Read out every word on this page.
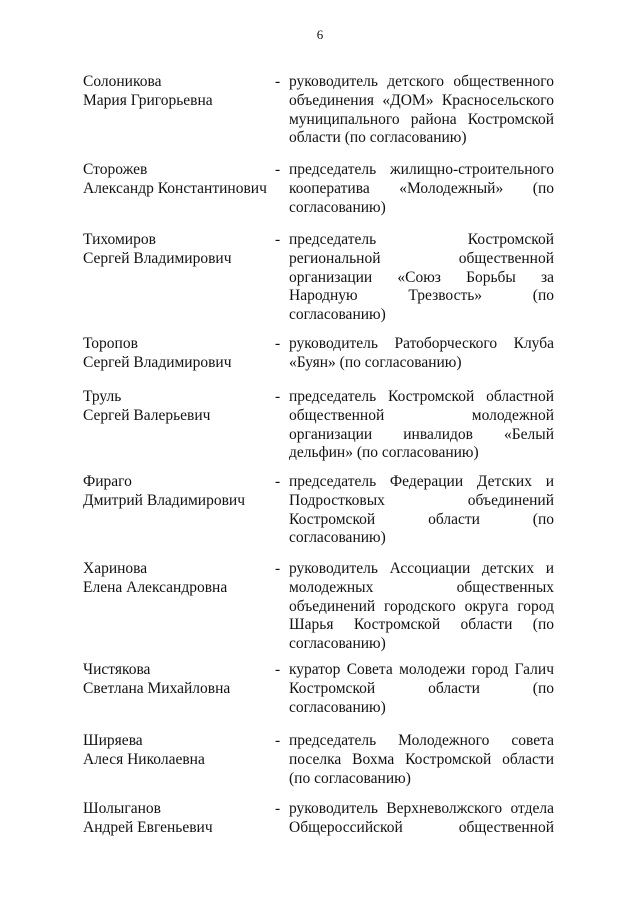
6
Солоникова
Мария Григорьевна
- руководитель детского общественного объединения «ДОМ» Красносельского муниципального района Костромской области (по согласованию)
Сторожев
Александр Константинович
- председатель жилищно-строительного кооператива «Молодежный» (по согласованию)
Тихомиров
Сергей Владимирович
- председатель Костромской региональной общественной организации «Союз Борьбы за Народную Трезвость» (по согласованию)
Торопов
Сергей Владимирович
- руководитель Ратоборческого Клуба «Буян» (по согласованию)
Труль
Сергей Валерьевич
- председатель Костромской областной общественной молодежной организации инвалидов «Белый дельфин» (по согласованию)
Фираго
Дмитрий Владимирович
- председатель Федерации Детских и Подростковых объединений Костромской области (по согласованию)
Харинова
Елена Александровна
- руководитель Ассоциации детских и молодежных общественных объединений городского округа город Шарья Костромской области (по согласованию)
Чистякова
Светлана Михайловна
- куратор Совета молодежи город Галич Костромской области (по согласованию)
Ширяева
Алеся Николаевна
- председатель Молодежного совета поселка Вохма Костромской области (по согласованию)
Шолыганов
Андрей Евгеньевич
- руководитель Верхневолжского отдела Общероссийской общественной
